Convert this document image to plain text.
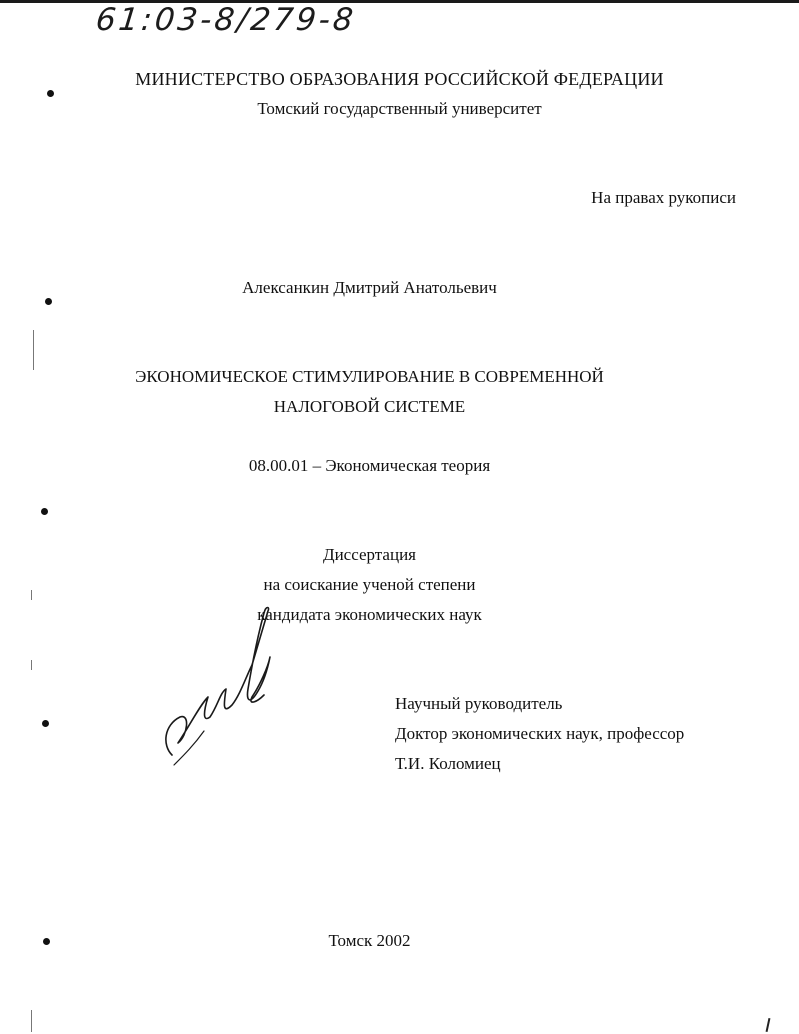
61:03-8/279-8
МИНИСТЕРСТВО ОБРАЗОВАНИЯ РОССИЙСКОЙ ФЕДЕРАЦИИ
Томский государственный университет
На правах рукописи
Алексанкин Дмитрий Анатольевич
ЭКОНОМИЧЕСКОЕ СТИМУЛИРОВАНИЕ В СОВРЕМЕННОЙ
НАЛОГОВОЙ СИСТЕМЕ
08.00.01 – Экономическая теория
Диссертация
на соискание ученой степени
кандидата экономических наук
Научный руководитель
Доктор экономических наук, профессор
Т.И. Коломиец
Томск 2002
